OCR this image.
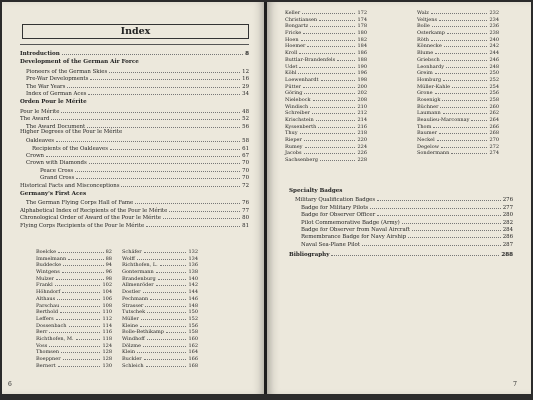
Index
Introduction	8
Development of the German Air Force
Pioneers of the German Skies	12
Pre-War Developments	16
The War Years	29
Index of German Aces	34
Orden Pour le Mérite
Pour le Mérite	48
The Award	52
The Award Document	56
Higher Degrees of the Pour le Mérite
Oakleaves	58
Recipients of the Oakleaves	61
Crown	67
Crown with Diamonds	70
Peace Cross	70
Grand Cross	70
Historical Facts and Misconceptions	72
Germany's First Aces
The German Flying Corps Hall of Fame	76
Alphabetical Index of Recipients of the Pour le Mérite	77
Chronological Order of Award of the Pour le Mérite	80
Flying Corps Recipients of the Pour le Mérite	81
Boelcke	82
Immelmann	88
Buddecke	94
Wintgens	96
Mulzer	98
Frankl	102
Höhndorf	104
Althaus	106
Parschau	108
Berthold	110
Leffers	112
Dossenbach	114
Berr	116
Richthofen, M.	118
Voss	124
Thomsen	128
Boeppner	128
Bernert	130
Schäfer	132
Wolff	134
Richthofen, L.	136
Gontermann	138
Brandenburg	140
Allmenröder	142
Dostler	144
Pechmann	146
Strasser	148
Tutschek	150
Müller	152
Kleine	156
Bolle-Bethikamp	158
Windhoff	160
Dölzme	162
Klein	164
Buckler	166
Schleich	168
6
Keller	172
Christiansen	174
Bongartz	178
Fricke	180
Hoen	182
Hoemer	184
Kroll	186
Buttlar-Brandenfels	188
Udet	190
Köhl	196
Loewenhardt	198
Pütter	200
Göring	202
Nielebock	208
Windisch	210
Schreiber	212
Krischstein	214
Kyssenberth	216
Thuy	218
Rieper	220
Rumey	224
Jacobs	226
Sachsenberg	228
Walz	232
Veltjens	234
Bolle	236
Osterkamp	238
Röth	240
Könnecke	242
Blume	244
Griebsch	246
Leonhardy	248
Greim	250
Homburg	252
Müller-Kahle	254
Grone	256
Rosenigk	258
Büchner	260
Laumann	262
Beaulieu-Marconnay	264
Thom	266
Baumer	268
Neckel	270
Degelow	272
Sondermann	274
Specialty Badges
Military Qualification Badges	276
Badge for Military Pilots	277
Badge for Observer Officer	280
Pilot Commemorative Badge (Army)	282
Badge for Observer from Naval Aircraft	284
Remembrance Badge for Navy Airship	286
Naval Sea-Plane Pilot	287
Bibliography	288
7
